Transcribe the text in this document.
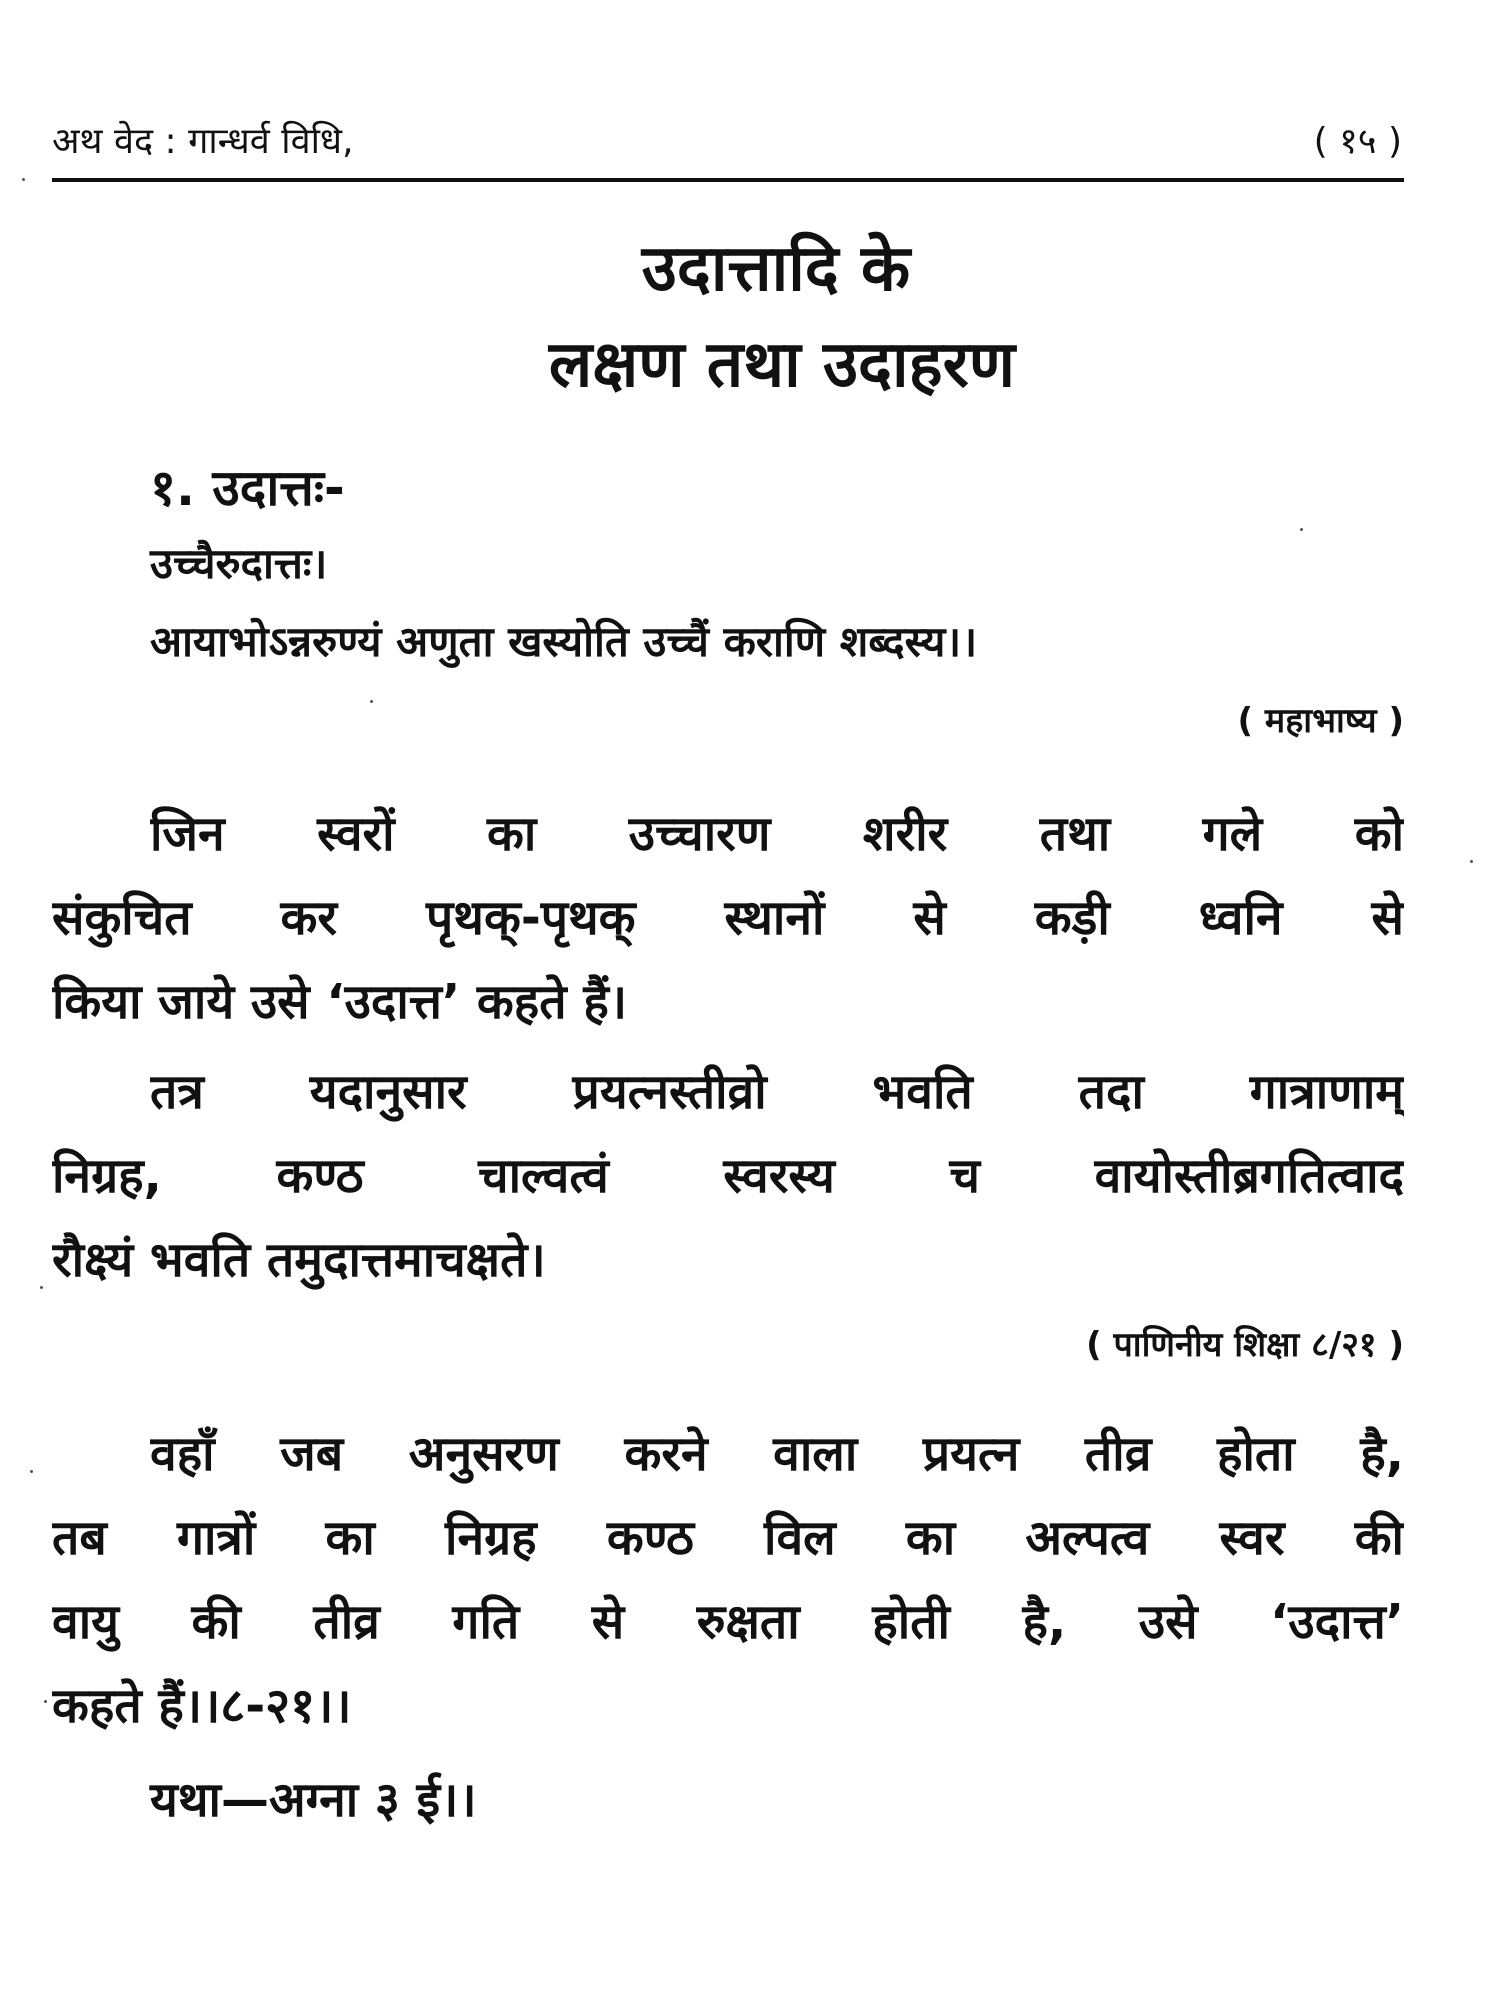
अथ वेद : गान्धर्व विधि,	( १५ )
उदात्तादि के
लक्षण तथा उदाहरण
१. उदात्तः-
उच्चैरुदात्तः।
आयाभोऽन्नरुण्यं अणुता खस्योति उच्चैं कराणि शब्दस्य।।
( महाभाष्य )
जिन स्वरों का उच्चारण शरीर तथा गले को
संकुचित कर पृथक्-पृथक् स्थानों से कड़ी ध्वनि से
किया जाये उसे ‘उदात्त’ कहते हैं।
तत्र यदानुसार प्रयत्नस्तीव्रो भवति तदा गात्राणाम्
निग्रह, कण्ठ चाल्वत्वं स्वरस्य च वायोस्तीब्रगतित्वाद
रौक्ष्यं भवति तमुदात्तमाचक्षते।
( पाणिनीय शिक्षा ८/२१ )
वहाँ जब अनुसरण करने वाला प्रयत्न तीव्र होता है,
तब गात्रों का निग्रह कण्ठ विल का अल्पत्व स्वर की
वायु की तीव्र गति से रुक्षता होती है, उसे ‘उदात्त’
कहते हैं।।८-२१।।
यथा—अग्ना ३ ई।।
